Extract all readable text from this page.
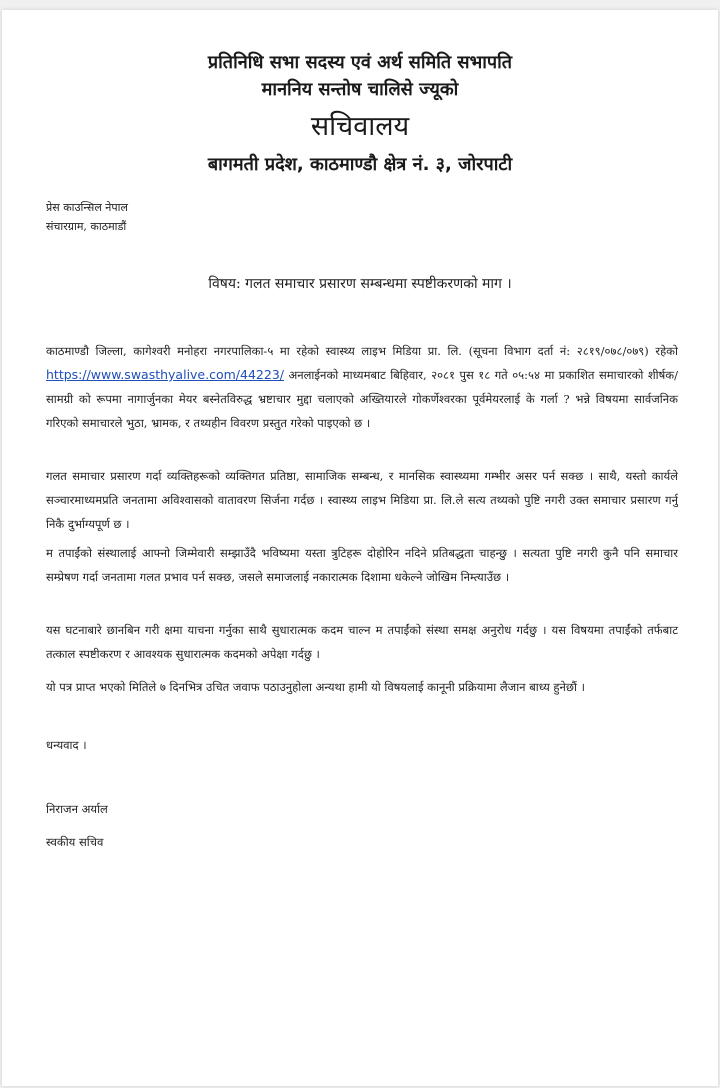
प्रतिनिधि सभा सदस्य एवं अर्थ समिति सभापति
माननिय सन्तोष चालिसे ज्यूको
सचिवालय
बागमती प्रदेश, काठमाण्डौ क्षेत्र नं. ३, जोरपाटी
प्रेस काउन्सिल नेपाल
संचारग्राम, काठमाडौं
विषय: गलत समाचार प्रसारण सम्बन्धमा स्पष्टीकरणको माग ।

काठमाण्डौ जिल्ला, कागेश्वरी मनोहरा नगरपालिका-५ मा रहेको स्वास्थ्य लाइभ मिडिया प्रा. लि. (सूचना विभाग दर्ता नं: २८१९/०७८/०७९) रहेको https://www.swasthyalive.com/44223/ अनलाईनको माध्यमबाट बिहिवार, २०८१ पुस १८ गते ०५:५४ मा प्रकाशित समाचारको शीर्षक/सामग्री को रूपमा नागार्जुनका मेयर बस्नेतविरुद्ध भ्रष्टाचार मुद्दा चलाएको अख्तियारले गोकर्णेश्वरका पूर्वमेयरलाई के गर्ला ? भन्ने विषयमा सार्वजनिक गरिएको समाचारले भुठा, भ्रामक, र तथ्यहीन विवरण प्रस्तुत गरेको पाइएको छ ।

गलत समाचार प्रसारण गर्दा व्यक्तिहरूको व्यक्तिगत प्रतिष्ठा, सामाजिक सम्बन्ध, र मानसिक स्वास्थ्यमा गम्भीर असर पर्न सक्छ । साथै, यस्तो कार्यले सञ्चारमाध्यमप्रति जनतामा अविश्वासको वातावरण सिर्जना गर्दछ । स्वास्थ्य लाइभ मिडिया प्रा. लि.ले सत्य तथ्यको पुष्टि नगरी उक्त समाचार प्रसारण गर्नु निकै दुर्भाग्यपूर्ण छ ।

म तपाईंको संस्थालाई आफ्नो जिम्मेवारी सम्झाउँदै भविष्यमा यस्ता त्रुटिहरू दोहोरिन नदिने प्रतिबद्धता चाहन्छु । सत्यता पुष्टि नगरी कुनै पनि समाचार सम्प्रेषण गर्दा जनतामा गलत प्रभाव पर्न सक्छ, जसले समाजलाई नकारात्मक दिशामा धकेल्ने जोखिम निम्त्याउँछ ।

यस घटनाबारे छानबिन गरी क्षमा याचना गर्नुका साथै सुधारात्मक कदम चाल्न म तपाईंको संस्था समक्ष अनुरोध गर्दछु । यस विषयमा तपाईंको तर्फबाट तत्काल स्पष्टीकरण र आवश्यक सुधारात्मक कदमको अपेक्षा गर्दछु ।

यो पत्र प्राप्त भएको मितिले ७ दिनभित्र उचित जवाफ पठाउनुहोला अन्यथा हामी यो विषयलाई कानूनी प्रक्रियामा लैजान बाध्य हुनेछौं ।

धन्यवाद ।
निराजन अर्याल
स्वकीय सचिव
